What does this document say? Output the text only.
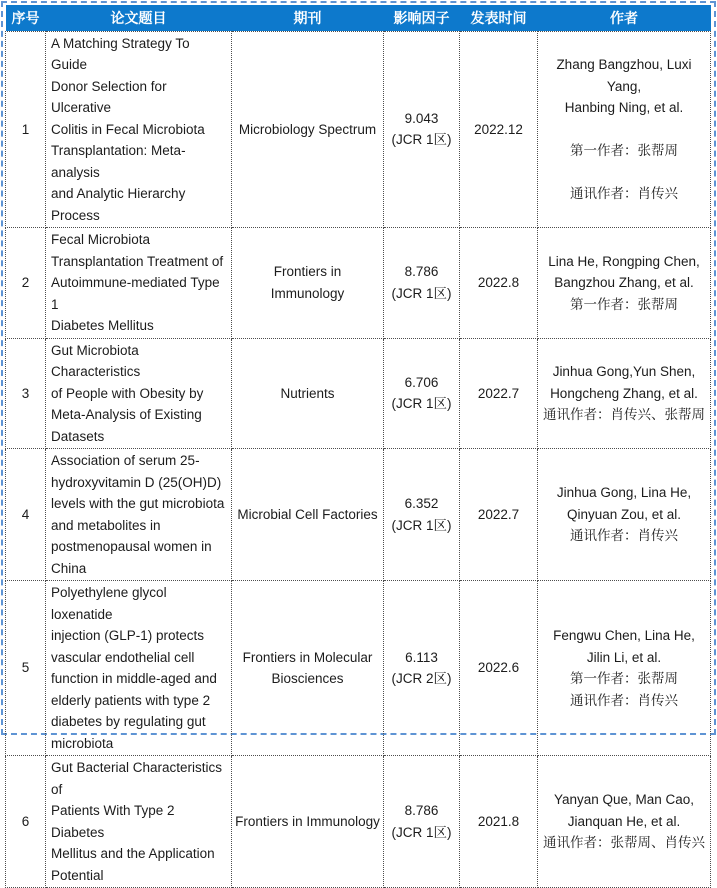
序号	论文题目	期刊	影响因子	发表时间	作者
1	A Matching Strategy To Guide
Donor Selection for Ulcerative
Colitis in Fecal Microbiota
Transplantation: Meta-analysis
and Analytic Hierarchy Process	Microbiology Spectrum	9.043
(JCR 1区)	2022.12	Zhang Bangzhou, Luxi Yang,
Hanbing Ning, et al.

第一作者：张帮周

通讯作者：肖传兴
2	Fecal Microbiota
Transplantation Treatment of
Autoimmune-mediated Type 1
Diabetes Mellitus	Frontiers in
Immunology	8.786
(JCR 1区)	2022.8	Lina He, Rongping Chen,
Bangzhou Zhang, et al.
第一作者：张帮周
3	Gut Microbiota Characteristics
of People with Obesity by
Meta-Analysis of Existing
Datasets	Nutrients	6.706
(JCR 1区)	2022.7	Jinhua Gong,Yun Shen,
Hongcheng Zhang, et al.
通讯作者：肖传兴、张帮周
4	Association of serum 25-
hydroxyvitamin D (25(OH)D)
levels with the gut microbiota
and metabolites in
postmenopausal women in
China	Microbial Cell Factories	6.352
(JCR 1区)	2022.7	Jinhua Gong, Lina He,
Qinyuan Zou, et al.
通讯作者：肖传兴
5	Polyethylene glycol loxenatide
injection (GLP-1) protects
vascular endothelial cell
function in middle-aged and
elderly patients with type 2
diabetes by regulating gut
microbiota	Frontiers in Molecular
Biosciences	6.113
(JCR 2区)	2022.6	Fengwu Chen, Lina He,
Jilin Li, et al.
第一作者：张帮周
通讯作者：肖传兴
6	Gut Bacterial Characteristics of
Patients With Type 2 Diabetes
Mellitus and the Application
Potential	Frontiers in Immunology	8.786
(JCR 1区)	2021.8	Yanyan Que, Man Cao,
Jianquan He, et al.
通讯作者：张帮周、肖传兴
